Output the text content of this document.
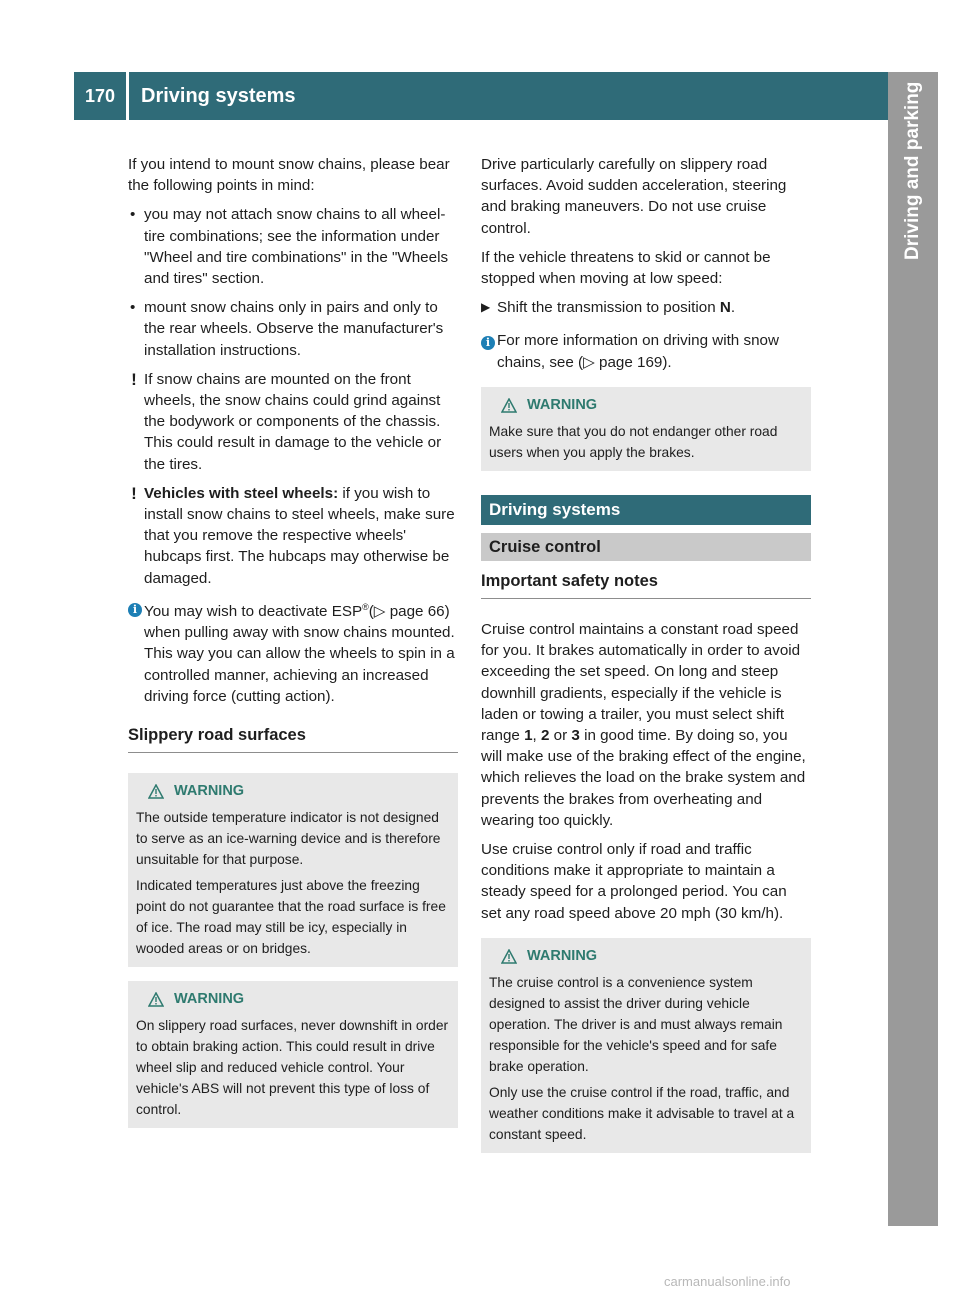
170	Driving systems	Driving and parking

If you intend to mount snow chains, please bear the following points in mind:

• you may not attach snow chains to all wheel-tire combinations; see the information under "Wheel and tire combinations" in the "Wheels and tires" section.
• mount snow chains only in pairs and only to the rear wheels. Observe the manufacturer's installation instructions.
! If snow chains are mounted on the front wheels, the snow chains could grind against the bodywork or components of the chassis. This could result in damage to the vehicle or the tires.
! Vehicles with steel wheels: if you wish to install snow chains to steel wheels, make sure that you remove the respective wheels' hubcaps first. The hubcaps may otherwise be damaged.
i You may wish to deactivate ESP®(▷ page 66) when pulling away with snow chains mounted. This way you can allow the wheels to spin in a controlled manner, achieving an increased driving force (cutting action).
Slippery road surfaces
WARNING

The outside temperature indicator is not designed to serve as an ice-warning device and is therefore unsuitable for that purpose.

Indicated temperatures just above the freezing point do not guarantee that the road surface is free of ice. The road may still be icy, especially in wooded areas or on bridges.

WARNING

On slippery road surfaces, never downshift in order to obtain braking action. This could result in drive wheel slip and reduced vehicle control. Your vehicle's ABS will not prevent this type of loss of control.

Drive particularly carefully on slippery road surfaces. Avoid sudden acceleration, steering and braking maneuvers. Do not use cruise control.

If the vehicle threatens to skid or cannot be stopped when moving at low speed:

▶ Shift the transmission to position N.
i For more information on driving with snow chains, see (▷ page 169).
WARNING

Make sure that you do not endanger other road users when you apply the brakes.

Driving systems
Cruise control
Important safety notes

Cruise control maintains a constant road speed for you. It brakes automatically in order to avoid exceeding the set speed. On long and steep downhill gradients, especially if the vehicle is laden or towing a trailer, you must select shift range 1, 2 or 3 in good time. By doing so, you will make use of the braking effect of the engine, which relieves the load on the brake system and prevents the brakes from overheating and wearing too quickly.

Use cruise control only if road and traffic conditions make it appropriate to maintain a steady speed for a prolonged period. You can set any road speed above 20 mph (30 km/h).

WARNING

The cruise control is a convenience system designed to assist the driver during vehicle operation. The driver is and must always remain responsible for the vehicle's speed and for safe brake operation.

Only use the cruise control if the road, traffic, and weather conditions make it advisable to travel at a constant speed.

carmanualsonline.info
